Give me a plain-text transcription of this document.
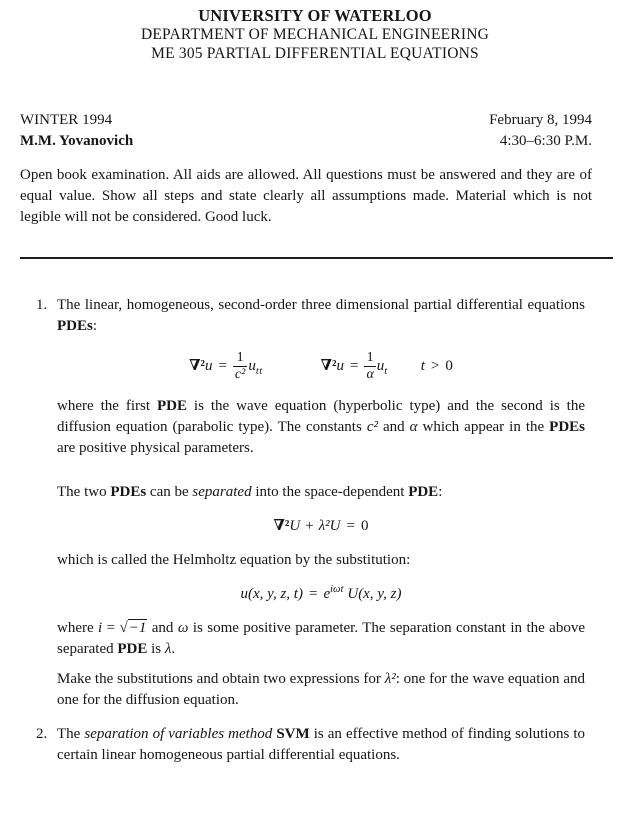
UNIVERSITY OF WATERLOO
DEPARTMENT OF MECHANICAL ENGINEERING
ME 305 PARTIAL DIFFERENTIAL EQUATIONS
WINTER 1994	February 8, 1994
M.M. Yovanovich	4:30–6:30 P.M.

Open book examination. All aids are allowed. All questions must be answered and they are of equal value. Show all steps and state clearly all assumptions made. Material which is not legible will not be considered. Good luck.

1. The linear, homogeneous, second-order three dimensional partial differential equations PDEs:

∇² $u = \frac{1}{\text{c²}}$ u tt	∇² $u = \frac{1}{\alpha}$ u t t > 0

where the first PDE is the wave equation (hyperbolic type) and the second is the diffusion equation (parabolic type). The constants c² and α which appear in the PDEs are positive physical parameters.

The two PDEs can be separated into the space-dependent PDE:

∇² U + λ²U = 0

which is called the Helmholtz equation by the substitution:

u(x, y, z, t) = e iωt U(x, y, z)

where i = √−1 and ω is some positive parameter. The separation constant in the above separated PDE is λ.

Make the substitutions and obtain two expressions for λ²: one for the wave equation and one for the diffusion equation.

2. The separation of variables method SVM is an effective method of finding solutions to certain linear homogeneous partial differential equations.
